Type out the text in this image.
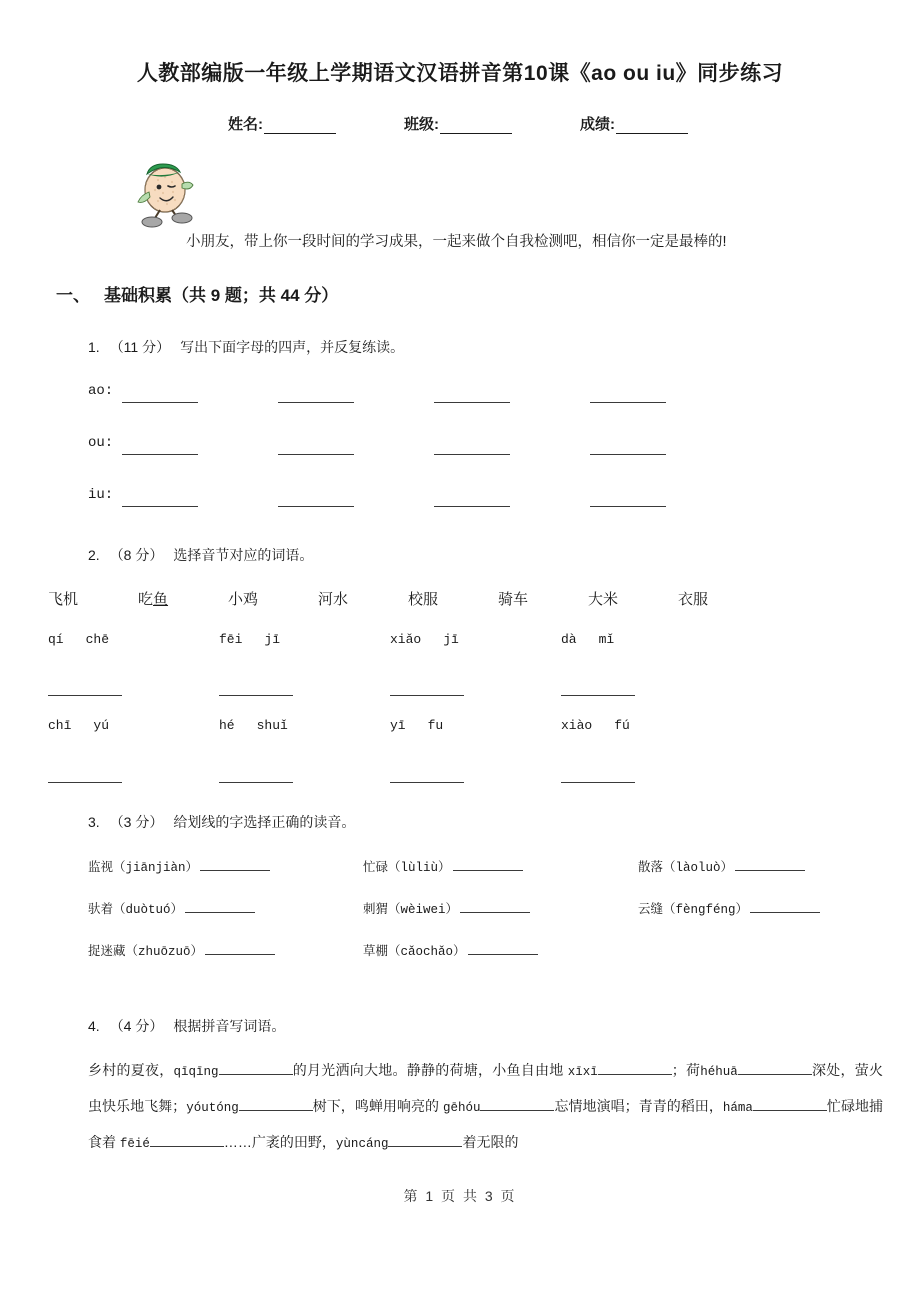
人教部编版一年级上学期语文汉语拼音第10课《ao ou iu》同步练习
姓名:	班级:	成绩:
小朋友，带上你一段时间的学习成果，一起来做个自我检测吧，相信你一定是最棒的!
一、 基础积累（共 9 题；共 44 分）
1. （11 分） 写出下面字母的四声，并反复练读。
ao:
ou:
iu:
2. （8 分） 选择音节对应的词语。
飞机	吃鱼	小鸡	河水	校服	骑车	大米	衣服
qí chē	fēi jī	xiǎo jī	dà mǐ
chī yú	hé shuǐ	yī fu	xiào fú
3. （3 分） 给划线的字选择正确的读音。
监视（jiānjiàn）	忙碌（lùliù）	散落（làoluò）
驮着（duòtuó）	刺猬（wèiwei）	云缝（fèngféng）
捉迷藏（zhuōzuō）	草棚（cǎochǎo）
4. （4 分） 根据拼音写词语。
乡村的夏夜，qīqīng	的月光洒向大地。静静的荷塘，小鱼自由地 xīxī	；荷héhuā	深处，萤火虫快乐地飞舞；yóutóng	树下，鸣蝉用响亮的 gēhóu	忘情地演唱；青青的稻田，háma	忙碌地捕食着 fēié	……广袤的田野，yùncáng	着无限的
第 1 页 共 3 页
